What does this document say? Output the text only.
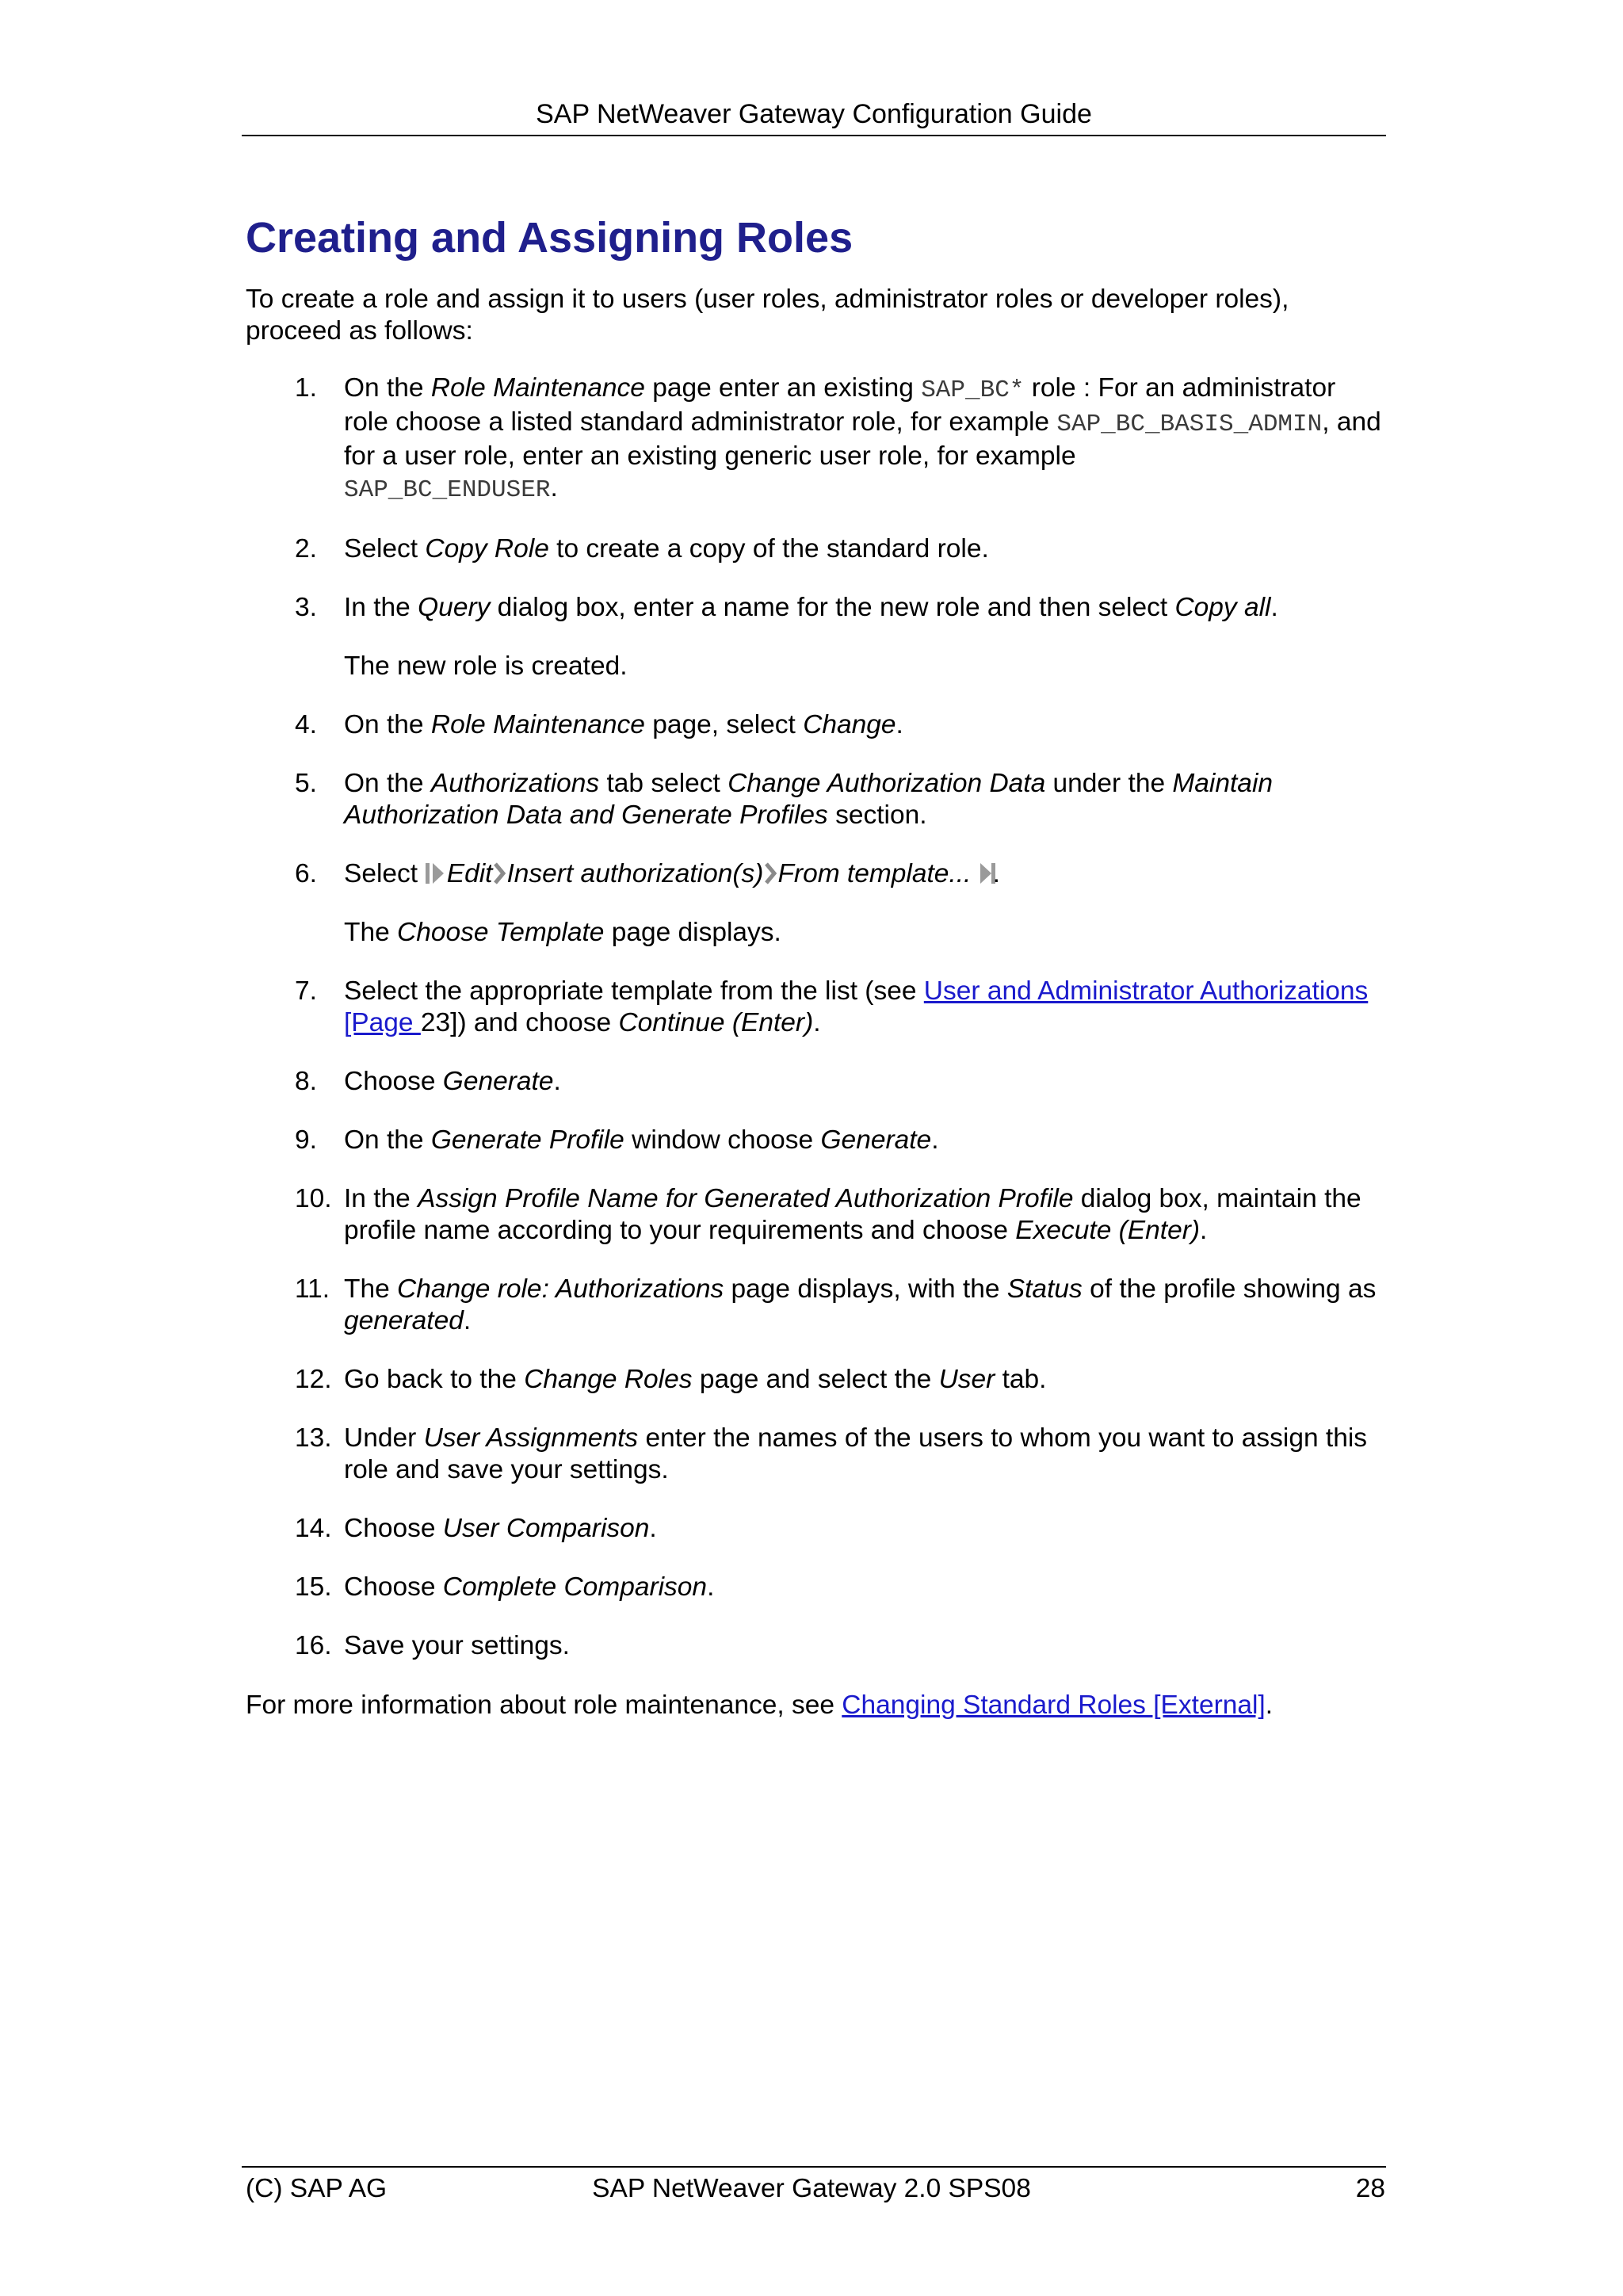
SAP NetWeaver Gateway Configuration Guide
Creating and Assigning Roles

To create a role and assign it to users (user roles, administrator roles or developer roles), proceed as follows:

1. On the Role Maintenance page enter an existing SAP_BC* role : For an administrator role choose a listed standard administrator role, for example SAP_BC_BASIS_ADMIN, and for a user role, enter an existing generic user role, for example
SAP_BC_ENDUSER.
2. Select Copy Role to create a copy of the standard role.
3. In the Query dialog box, enter a name for the new role and then select Copy all.
The new role is created.
4. On the Role Maintenance page, select Change.
5. On the Authorizations tab select Change Authorization Data under the Maintain Authorization Data and Generate Profiles section.
6. Select
Edit Insert authorization(s) From template... .
The Choose Template page displays.
7. Select the appropriate template from the list (see User and Administrator Authorizations [Page 23]) and choose Continue (Enter).
8. Choose Generate.
9. On the Generate Profile window choose Generate.
10. In the Assign Profile Name for Generated Authorization Profile dialog box, maintain the profile name according to your requirements and choose Execute (Enter).
11. The Change role: Authorizations page displays, with the Status of the profile showing as generated.
12. Go back to the Change Roles page and select the User tab.
13. Under User Assignments enter the names of the users to whom you want to assign this role and save your settings.
14. Choose User Comparison.
15. Choose Complete Comparison.
16. Save your settings.

For more information about role maintenance, see Changing Standard Roles [External].

(C) SAP AG	SAP NetWeaver Gateway 2.0 SPS08	28
